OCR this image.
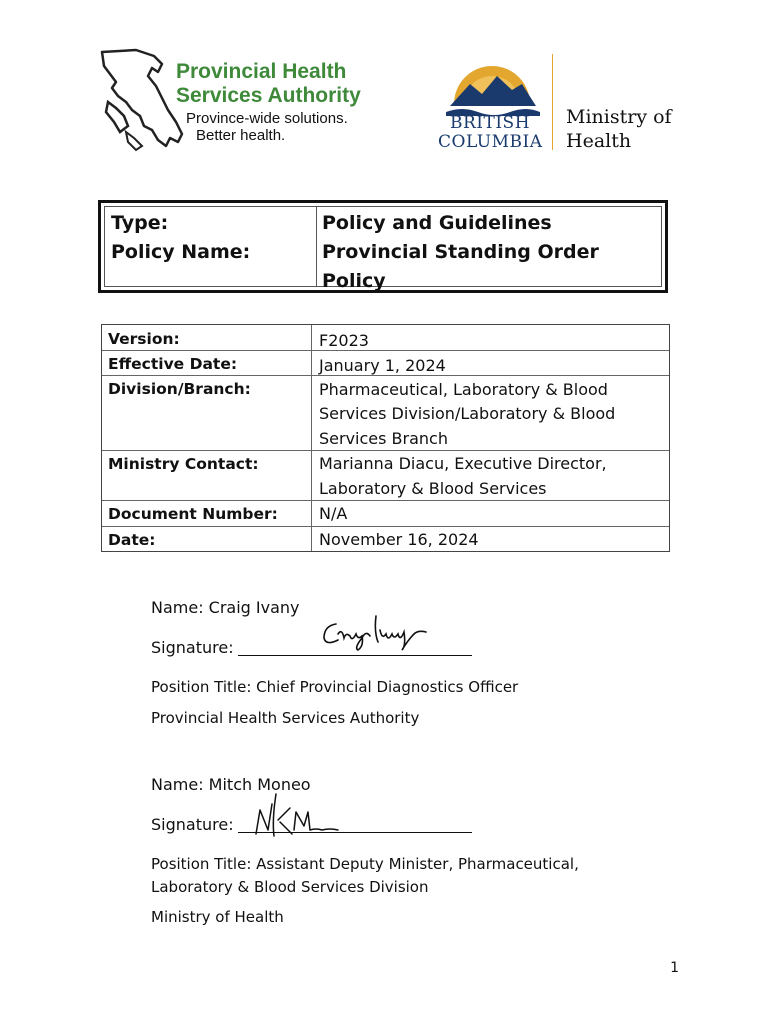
Provincial Health
Services Authority
Province-wide solutions.
Better health.
BRITISH
COLUMBIA
Ministry of
Health
Type:	Policy and Guidelines
Policy Name:	Provincial Standing Order Policy
Version:	F2023
Effective Date:	January 1, 2024
Division/Branch:	Pharmaceutical, Laboratory & Blood
Services Division/Laboratory & Blood
Services Branch
Ministry Contact:	Marianna Diacu, Executive Director,
Laboratory & Blood Services
Document Number:	N/A
Date:	November 16, 2024
Name: Craig Ivany
Signature:
Position Title: Chief Provincial Diagnostics Officer
Provincial Health Services Authority
Name: Mitch Moneo
Signature:
Position Title: Assistant Deputy Minister, Pharmaceutical,
Laboratory & Blood Services Division
Ministry of Health
1
